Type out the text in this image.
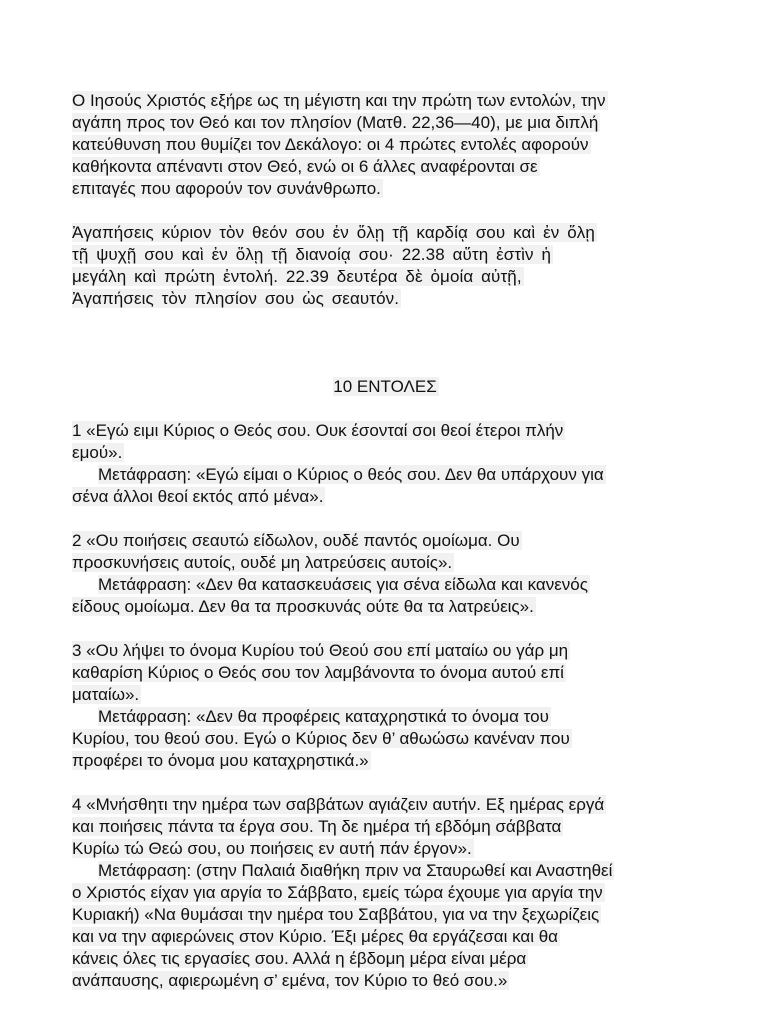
Ο Ιησούς Χριστός εξήρε ως τη μέγιστη και την πρώτη των εντολών, την
αγάπη προς τον Θεό και τον πλησίον (Ματθ. 22,36—40), με μια διπλή
κατεύθυνση που θυμίζει τον Δεκάλογο: οι 4 πρώτες εντολές αφορούν
καθήκοντα απέναντι στον Θεό, ενώ οι 6 άλλες αναφέρονται σε
επιταγές που αφορούν τον συνάνθρωπο.
Ἀγαπήσεις κύριον τὸν θεόν σου ἐν ὅλῃ τῇ καρδίᾳ σου καὶ ἐν ὅλῃ
τῇ ψυχῇ σου καὶ ἐν ὅλῃ τῇ διανοίᾳ σου· 22.38 αὕτη ἐστὶν ἡ
μεγάλη καὶ πρώτη ἐντολή. 22.39 δευτέρα δὲ ὁμοία αὐτῇ,
Ἀγαπήσεις τὸν πλησίον σου ὡς σεαυτόν.
10 ΕΝΤΟΛΕΣ
1 «Εγώ ειμι Κύριος ο Θεός σου. Ουκ έσονταί σοι θεοί έτεροι πλήν
εμού».
Μετάφραση: «Εγώ είμαι ο Κύριος ο θεός σου. Δεν θα υπάρχουν για
σένα άλλοι θεοί εκτός από μένα».
2 «Ου ποιήσεις σεαυτώ είδωλον, ουδέ παντός ομοίωμα. Ου
προσκυνήσεις αυτοίς, ουδέ μη λατρεύσεις αυτοίς».
Μετάφραση: «Δεν θα κατασκευάσεις για σένα είδωλα και κανενός
είδους ομοίωμα. Δεν θα τα προσκυνάς ούτε θα τα λατρεύεις».
3 «Ου λήψει το όνομα Κυρίου τού Θεού σου επί ματαίω ου γάρ μη
καθαρίση Κύριος ο Θεός σου τον λαμβάνοντα το όνομα αυτού επί
ματαίω».
Μετάφραση: «Δεν θα προφέρεις καταχρηστικά το όνομα του
Κυρίου, του θεού σου. Εγώ ο Κύριος δεν θ’ αθωώσω κανέναν που
προφέρει το όνομα μου καταχρηστικά.»
4 «Μνήσθητι την ημέρα των σαββάτων αγιάζειν αυτήν. Εξ ημέρας εργά
και ποιήσεις πάντα τα έργα σου. Τη δε ημέρα τή εβδόμη σάββατα
Κυρίω τώ Θεώ σου, ου ποιήσεις εν αυτή πάν έργον».
Μετάφραση: (στην Παλαιά διαθήκη πριν να Σταυρωθεί και Αναστηθεί
ο Χριστός είχαν για αργία το Σάββατο, εμείς τώρα έχουμε για αργία την
Κυριακή) «Να θυμάσαι την ημέρα του Σαββάτου, για να την ξεχωρίζεις
και να την αφιερώνεις στον Κύριο. Έξι μέρες θα εργάζεσαι και θα
κάνεις όλες τις εργασίες σου. Αλλά η έβδομη μέρα είναι μέρα
ανάπαυσης, αφιερωμένη σ’ εμένα, τον Κύριο το θεό σου.»
